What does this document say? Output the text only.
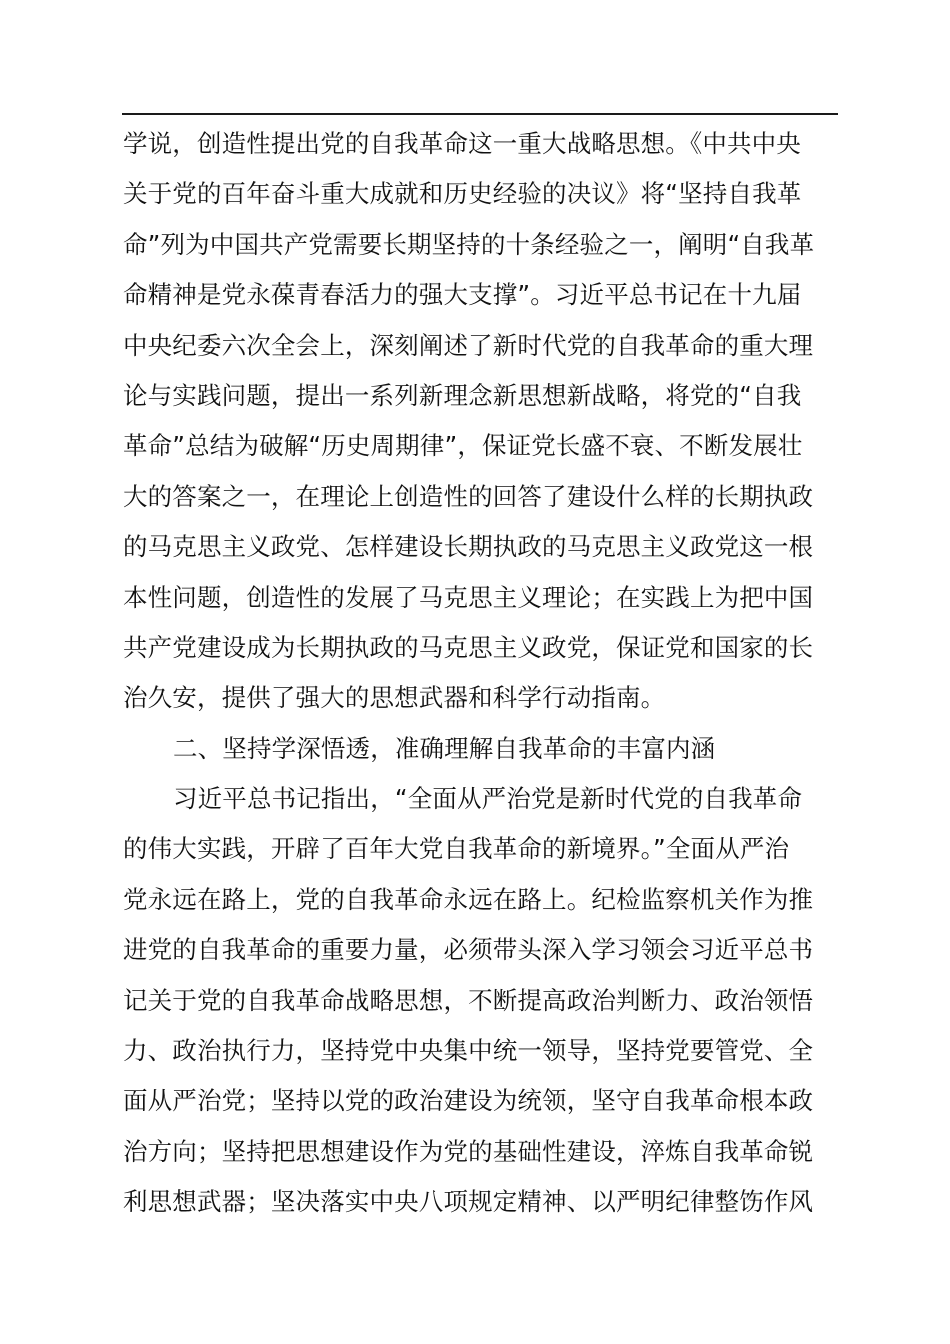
学说，创造性提出党的自我革命这一重大战略思想。《中共中央
关于党的百年奋斗重大成就和历史经验的决议》将“坚持自我革
命”列为中国共产党需要长期坚持的十条经验之一，阐明“自我革
命精神是党永葆青春活力的强大支撑”。习近平总书记在十九届
中央纪委六次全会上，深刻阐述了新时代党的自我革命的重大理
论与实践问题，提出一系列新理念新思想新战略，将党的“自我
革命”总结为破解“历史周期律”，保证党长盛不衰、不断发展壮
大的答案之一，在理论上创造性的回答了建设什么样的长期执政
的马克思主义政党、怎样建设长期执政的马克思主义政党这一根
本性问题，创造性的发展了马克思主义理论；在实践上为把中国
共产党建设成为长期执政的马克思主义政党，保证党和国家的长
治久安，提供了强大的思想武器和科学行动指南。
二、坚持学深悟透，准确理解自我革命的丰富内涵
习近平总书记指出，“全面从严治党是新时代党的自我革命
的伟大实践，开辟了百年大党自我革命的新境界。”全面从严治
党永远在路上，党的自我革命永远在路上。纪检监察机关作为推
进党的自我革命的重要力量，必须带头深入学习领会习近平总书
记关于党的自我革命战略思想，不断提高政治判断力、政治领悟
力、政治执行力，坚持党中央集中统一领导，坚持党要管党、全
面从严治党；坚持以党的政治建设为统领，坚守自我革命根本政
治方向；坚持把思想建设作为党的基础性建设，淬炼自我革命锐
利思想武器；坚决落实中央八项规定精神、以严明纪律整饬作风
